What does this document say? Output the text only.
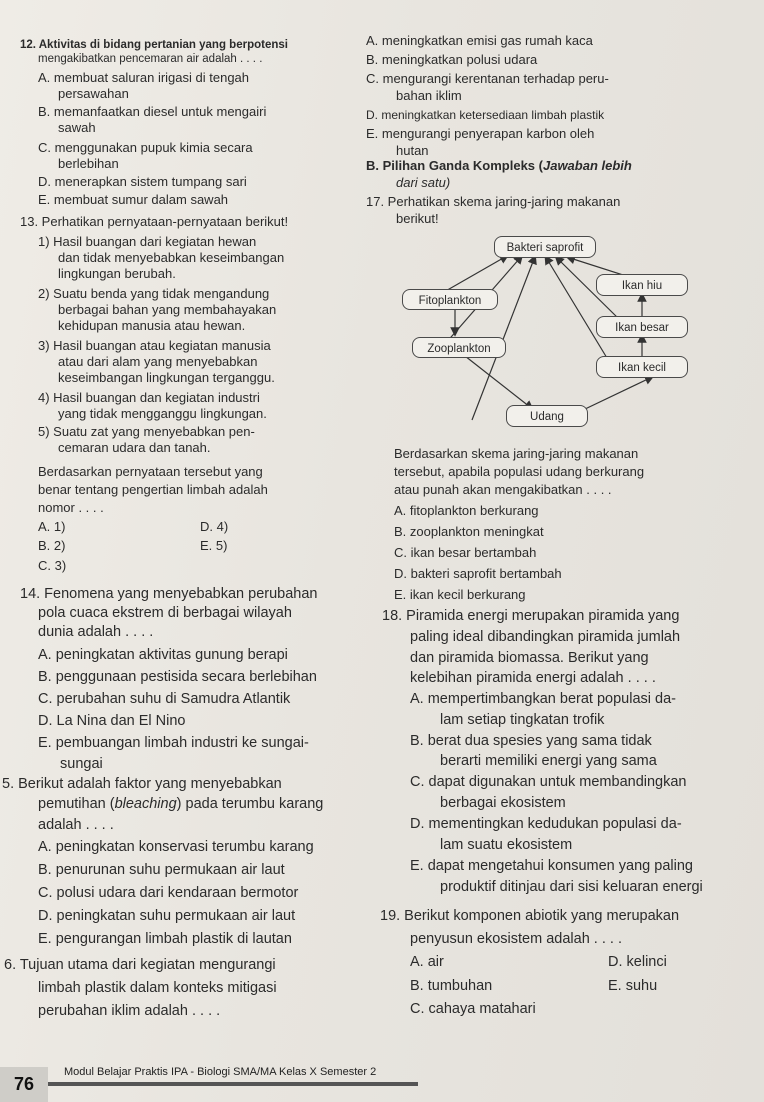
12. Aktivitas di bidang pertanian yang berpotensi
mengakibatkan pencemaran air adalah . . . .
A. membuat saluran irigasi di tengah
persawahan
B. memanfaatkan diesel untuk mengairi
sawah
C. menggunakan pupuk kimia secara
berlebihan
D. menerapkan sistem tumpang sari
E. membuat sumur dalam sawah
13. Perhatikan pernyataan-pernyataan berikut!
1) Hasil buangan dari kegiatan hewan
dan tidak menyebabkan keseimbangan
lingkungan berubah.
2) Suatu benda yang tidak mengandung
berbagai bahan yang membahayakan
kehidupan manusia atau hewan.
3) Hasil buangan atau kegiatan manusia
atau dari alam yang menyebabkan
keseimbangan lingkungan terganggu.
4) Hasil buangan dan kegiatan industri
yang tidak mengganggu lingkungan.
5) Suatu zat yang menyebabkan pen-
cemaran udara dan tanah.
Berdasarkan pernyataan tersebut yang
benar tentang pengertian limbah adalah
nomor . . . .
A. 1)	D. 4)
B. 2)	E. 5)
C. 3)
14. Fenomena yang menyebabkan perubahan
pola cuaca ekstrem di berbagai wilayah
dunia adalah . . . .
A. peningkatan aktivitas gunung berapi
B. penggunaan pestisida secara berlebihan
C. perubahan suhu di Samudra Atlantik
D. La Nina dan El Nino
E. pembuangan limbah industri ke sungai-
sungai
5. Berikut adalah faktor yang menyebabkan
pemutihan (bleaching) pada terumbu karang
adalah . . . .
A. peningkatan konservasi terumbu karang
B. penurunan suhu permukaan air laut
C. polusi udara dari kendaraan bermotor
D. peningkatan suhu permukaan air laut
E. pengurangan limbah plastik di lautan
6. Tujuan utama dari kegiatan mengurangi
limbah plastik dalam konteks mitigasi
perubahan iklim adalah . . . .
A. meningkatkan emisi gas rumah kaca
B. meningkatkan polusi udara
C. mengurangi kerentanan terhadap peru-
bahan iklim
D. meningkatkan ketersediaan limbah plastik
E. mengurangi penyerapan karbon oleh
hutan
B. Pilihan Ganda Kompleks (Jawaban lebih
dari satu)
17. Perhatikan skema jaring-jaring makanan
berikut!
Bakteri saprofit
Fitoplankton
Ikan hiu
Ikan besar
Zooplankton
Ikan kecil
Udang
Berdasarkan skema jaring-jaring makanan
tersebut, apabila populasi udang berkurang
atau punah akan mengakibatkan . . . .
A. fitoplankton berkurang
B. zooplankton meningkat
C. ikan besar bertambah
D. bakteri saprofit bertambah
E. ikan kecil berkurang
18. Piramida energi merupakan piramida yang
paling ideal dibandingkan piramida jumlah
dan piramida biomassa. Berikut yang
kelebihan piramida energi adalah . . . .
A. mempertimbangkan berat populasi da-
lam setiap tingkatan trofik
B. berat dua spesies yang sama tidak
berarti memiliki energi yang sama
C. dapat digunakan untuk membandingkan
berbagai ekosistem
D. mementingkan kedudukan populasi da-
lam suatu ekosistem
E. dapat mengetahui konsumen yang paling
produktif ditinjau dari sisi keluaran energi
19. Berikut komponen abiotik yang merupakan
penyusun ekosistem adalah . . . .
A. air	D. kelinci
B. tumbuhan	E. suhu
C. cahaya matahari
76
Modul Belajar Praktis IPA - Biologi SMA/MA Kelas X Semester 2
